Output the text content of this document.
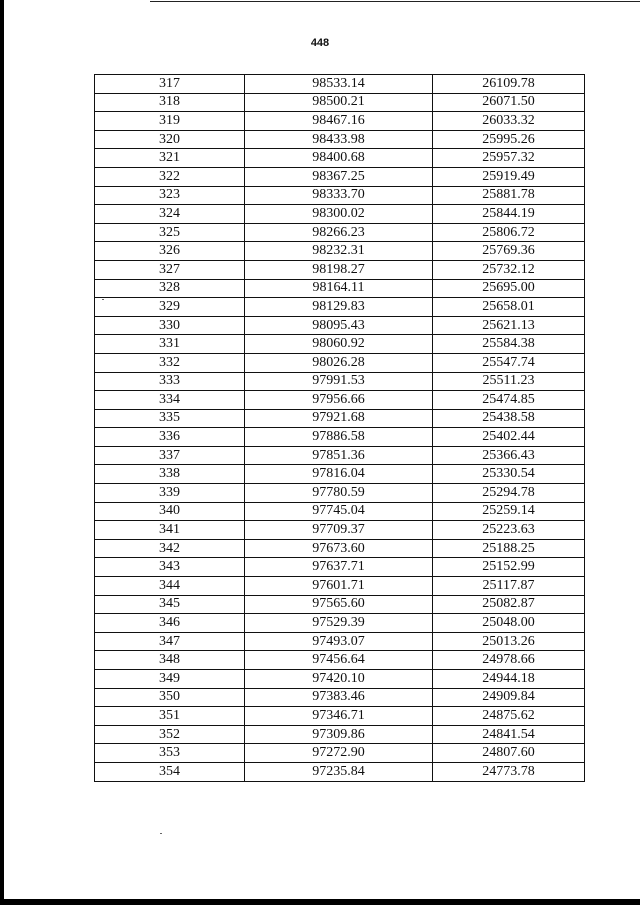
448
317	98533.14	26109.78
318	98500.21	26071.50
319	98467.16	26033.32
320	98433.98	25995.26
321	98400.68	25957.32
322	98367.25	25919.49
323	98333.70	25881.78
324	98300.02	25844.19
325	98266.23	25806.72
326	98232.31	25769.36
327	98198.27	25732.12
328	98164.11	25695.00
329	98129.83	25658.01
330	98095.43	25621.13
331	98060.92	25584.38
332	98026.28	25547.74
333	97991.53	25511.23
334	97956.66	25474.85
335	97921.68	25438.58
336	97886.58	25402.44
337	97851.36	25366.43
338	97816.04	25330.54
339	97780.59	25294.78
340	97745.04	25259.14
341	97709.37	25223.63
342	97673.60	25188.25
343	97637.71	25152.99
344	97601.71	25117.87
345	97565.60	25082.87
346	97529.39	25048.00
347	97493.07	25013.26
348	97456.64	24978.66
349	97420.10	24944.18
350	97383.46	24909.84
351	97346.71	24875.62
352	97309.86	24841.54
353	97272.90	24807.60
354	97235.84	24773.78
